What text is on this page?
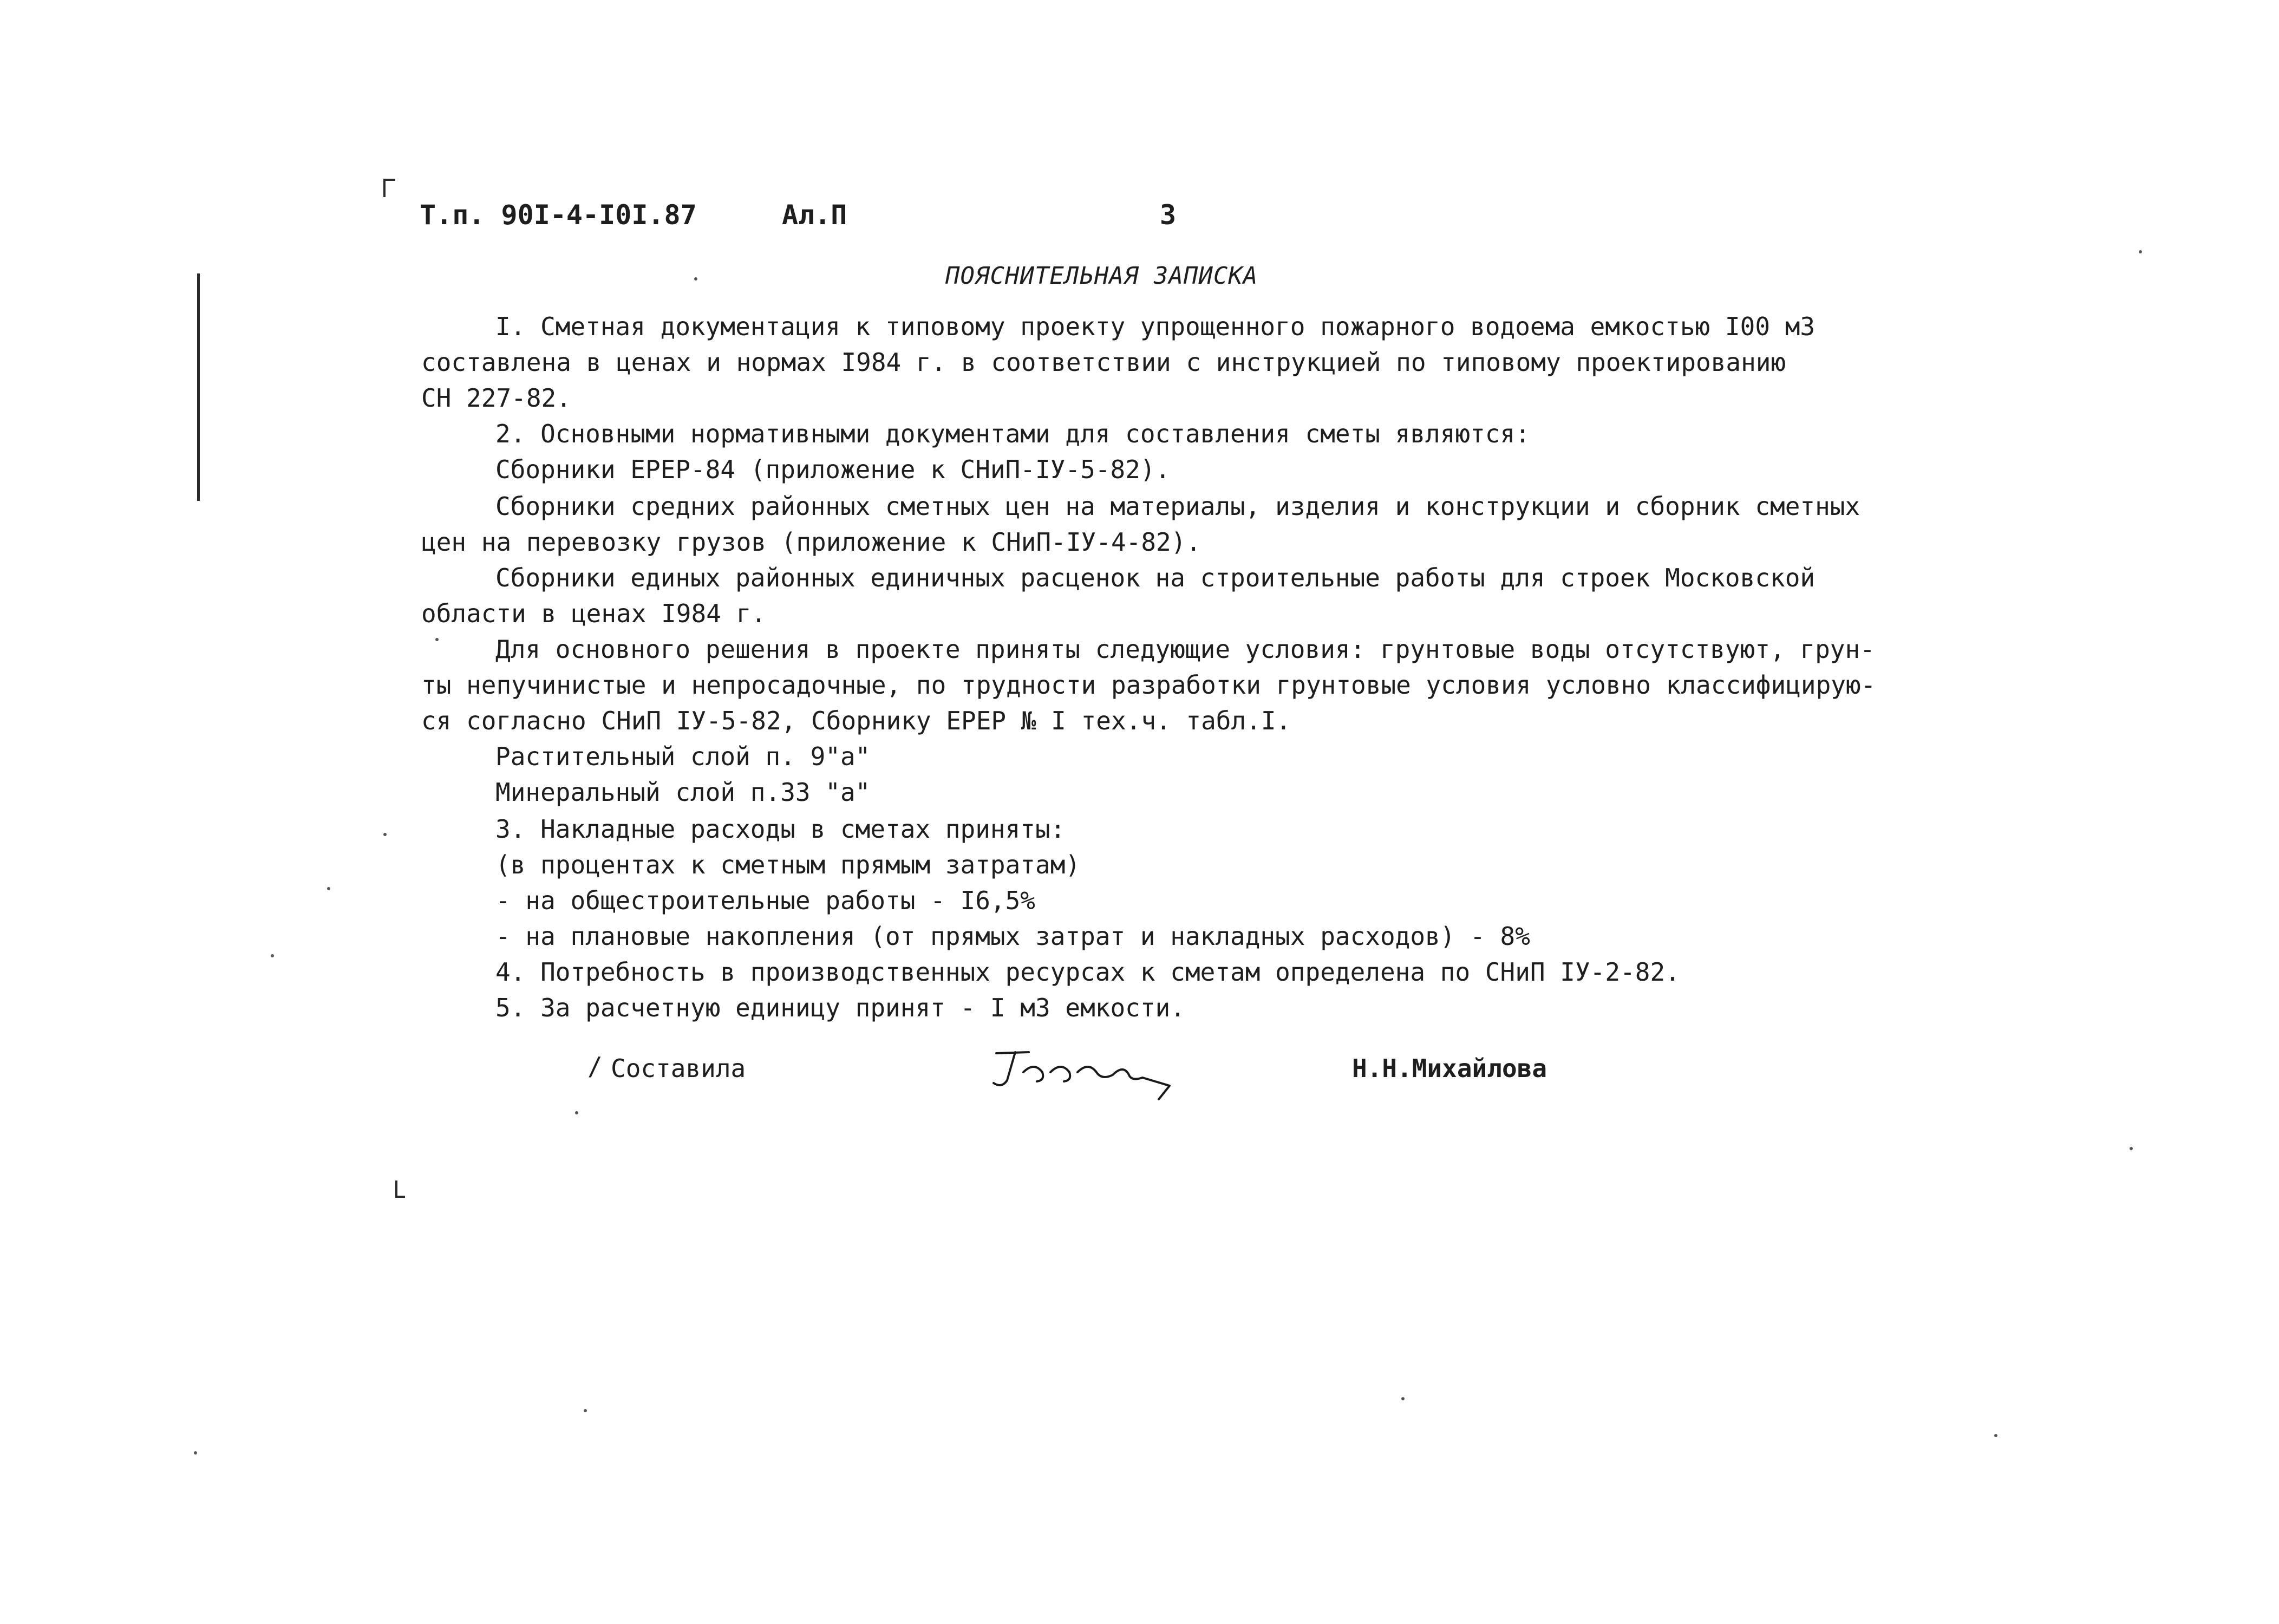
Т.п. 90I-4-I0I.87	Ал.П	3
ПОЯСНИТЕЛЬНАЯ ЗАПИСКА
I. Сметная документация к типовому проекту упрощенного пожарного водоема емкостью I00 м3
составлена в ценах и нормах I984 г. в соответствии с инструкцией по типовому проектированию
СН 227-82.
2. Основными нормативными документами для составления сметы являются:
Сборники ЕРЕР-84 (приложение к СНиП-IУ-5-82).
Сборники средних районных сметных цен на материалы, изделия и конструкции и сборник сметных
цен на перевозку грузов (приложение к СНиП-IУ-4-82).
Сборники единых районных единичных расценок на строительные работы для строек Московской
области в ценах I984 г.
Для основного решения в проекте приняты следующие условия: грунтовые воды отсутствуют, грун-
ты непучинистые и непросадочные, по трудности разработки грунтовые условия условно классифицирую-
ся согласно СНиП IУ-5-82, Сборнику ЕРЕР № I тех.ч. табл.I.
Растительный слой п. 9"а"
Минеральный слой п.33 "а"
3. Накладные расходы в сметах приняты:
(в процентах к сметным прямым затратам)
- на общестроительные работы - I6,5%
- на плановые накопления (от прямых затрат и накладных расходов) - 8%
4. Потребность в производственных ресурсах к сметам определена по СНиП IУ-2-82.
5. За расчетную единицу принят - I м3 емкости.
/ Составила	Н.Н.Михайлова
